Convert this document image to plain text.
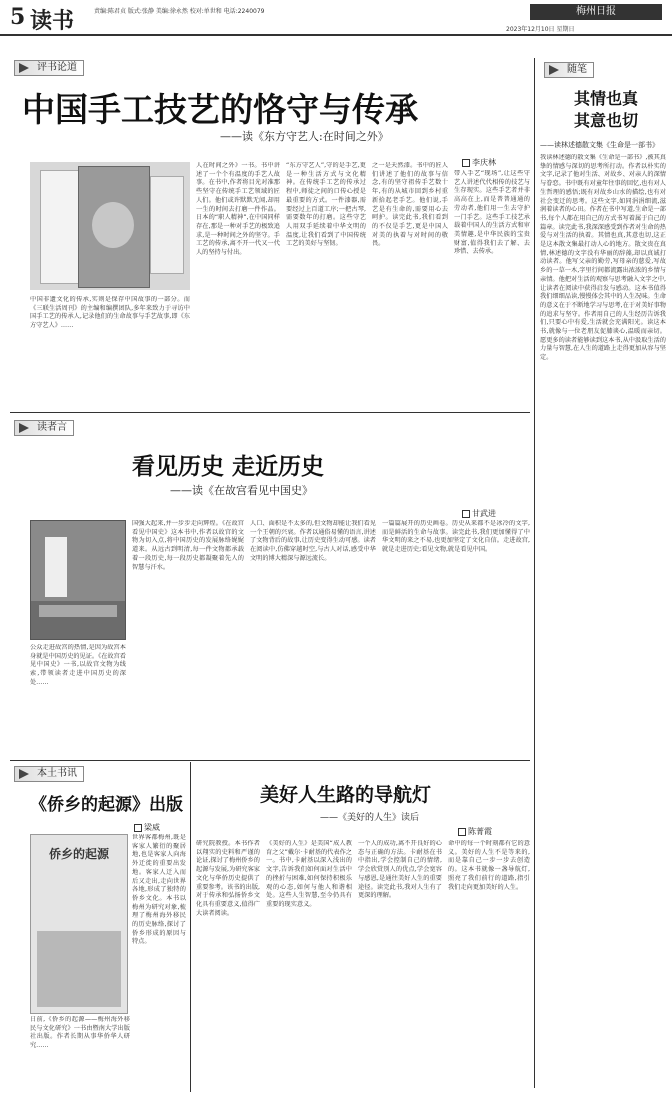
5 读书	责编:陈君贞 版式:张静 美编:徐永然 校对:单世和 电话:2240079	梅州日报
2023年12月10日 星期日
评书论道
中国手工技艺的恪守与传承
——读《东方守艺人:在时间之外》
李庆林
中国非遗文化的传承,实则是保存中国故事的一部分。而《三联生活周刊》的主编和编撰团队,多年来致力于寻访中国手工艺的传承人,记录他们的生命故事与手艺故事,即《东方守艺人》……
人在时间之外》一书。书中讲述了一个个有温度的手艺人故事。在书中,作者将目光对准那些坚守在传统手工艺领域的匠人们。他们或许默默无闻,却用一生的时间去打磨一件作品。日本的“职人精神”,在中国同样存在,那是一种对手艺的极致追求,是一种时间之外的坚守。手工艺的传承,离不开一代又一代人的坚持与付出。
“东方守艺人”,守的是手艺,更是一种生活方式与文化精神。在传统手工艺的传承过程中,师徒之间的口传心授是最重要的方式。一件漆器,需要经过上百道工序;一把古琴,需要数年的打磨。这些守艺人用双手延续着中华文明的温度,让我们看到了中国传统工艺的美好与坚韧。
之一是天然漆。书中的匠人们讲述了他们的故事与信念,有的坚守祖传手艺数十年,有的从城市回到乡村重新拾起老手艺。他们说,手艺是有生命的,需要用心去呵护。读完此书,我们看到的不仅是手艺,更是中国人对美的执着与对时间的敬畏。
带入手艺“现场”,让这些守艺人讲述代代相传的技艺与生存现实。这些手艺者并非高高在上,而是普普通通的劳动者,他们用一生去守护一门手艺。这些手工技艺承载着中国人的生活方式和审美情趣,是中华民族的宝贵财富,值得我们去了解、去珍惜、去传承。
读者言
看见历史 走近历史
——读《在故宫看见中国史》
甘武进
公众走进故宫的热情,是因为故宫本身就是中国历史的见证。《在故宫看见中国史》一书,以故宫文物为线索,带领读者走进中国历史的深处……
国强大起来,并一步步走向辉煌。《在故宫看见中国史》这本书中,作者以故宫的文物为切入点,将中国历史的发展脉络娓娓道来。从远古到明清,每一件文物都承载着一段历史,每一段历史都凝聚着先人的智慧与汗水。
人口、面积是不太多的,但文物却能让我们看见一个王朝的兴衰。作者以通俗易懂的语言,讲述了文物背后的故事,让历史变得生动可感。读者在阅读中,仿佛穿越时空,与古人对话,感受中华文明的博大精深与源远流长。
一篇篇展开的历史画卷。历史从来都不是冰冷的文字,而是鲜活的生命与故事。读完此书,我们更加懂得了中华文明的来之不易,也更加坚定了文化自信。走进故宫,就是走进历史;看见文物,就是看见中国。
随笔
其情也真
其意也切
——读林述德散文集《生命是一部书》
我读林述德的散文集《生命是一部书》,被其真挚的情感与深切的思考所打动。作者以朴实的文字,记录了他对生活、对故乡、对亲人的深情与眷恋。书中既有对童年往事的回忆,也有对人生哲理的感悟;既有对故乡山水的描绘,也有对社会变迁的思考。这些文字,如同涓涓细流,滋润着读者的心田。作者在书中写道,生命是一部书,每个人都在用自己的方式书写着属于自己的篇章。读完此书,我深深感受到作者对生命的热爱与对生活的执着。其情也真,其意也切,这正是这本散文集最打动人心的地方。散文贵在真情,林述德的文字没有华丽的辞藻,却以真诚打动读者。他写父亲的勤劳,写母亲的慈爱,写故乡的一草一木,字里行间都流露出浓浓的乡情与亲情。他把对生活的观察与思考融入文字之中,让读者在阅读中获得启发与感动。这本书值得我们细细品读,慢慢体会其中的人生况味。生命的意义在于不断地学习与思考,在于对美好事物的追求与坚守。作者用自己的人生经历告诉我们,只要心中有爱,生活就会充满阳光。读这本书,就像与一位老朋友促膝谈心,温暖而亲切。愿更多的读者能够读到这本书,从中汲取生活的力量与智慧,在人生的道路上走得更加从容与坚定。
本土书讯
《侨乡的起源》出版
梁威
侨乡的起源
日前,《侨乡的起源——梅州海外移民与文化研究》一书由暨南大学出版社出版。作者长期从事华侨华人研究……
世界客都梅州,既是客家人繁衍的聚居地,也是客家人向海外迁徙的重要出发地。客家人迁入而后又走出,走向世界各地,形成了独特的侨乡文化。本书以梅州为研究对象,梳理了梅州海外移民的历史脉络,探讨了侨乡形成的原因与特点。
美好人生路的导航灯
——《美好的人生》读后
陈菁霞
研究院教授。本书作者以翔实的史料和严谨的论证,探讨了梅州侨乡的起源与发展,为研究客家文化与华侨历史提供了重要参考。该书的出版,对于传承和弘扬侨乡文化具有重要意义,值得广大读者阅读。
《美好的人生》是美国“成人教育之父”戴尔·卡耐基的代表作之一。书中,卡耐基以深入浅出的文字,告诉我们如何面对生活中的挫折与困难,如何保持积极乐观的心态,如何与他人和谐相处。这些人生智慧,至今仍具有重要的现实意义。
一个人的成功,离不开良好的心态与正确的方法。卡耐基在书中指出,学会控制自己的情绪,学会欣赏别人的优点,学会宽容与感恩,是通往美好人生的重要途径。读完此书,我对人生有了更深的理解。
命中的每一个时刻都有它的意义。美好的人生不是等来的,而是靠自己一步一步去创造的。这本书就像一盏导航灯,照亮了我们前行的道路,指引我们走向更加美好的人生。
